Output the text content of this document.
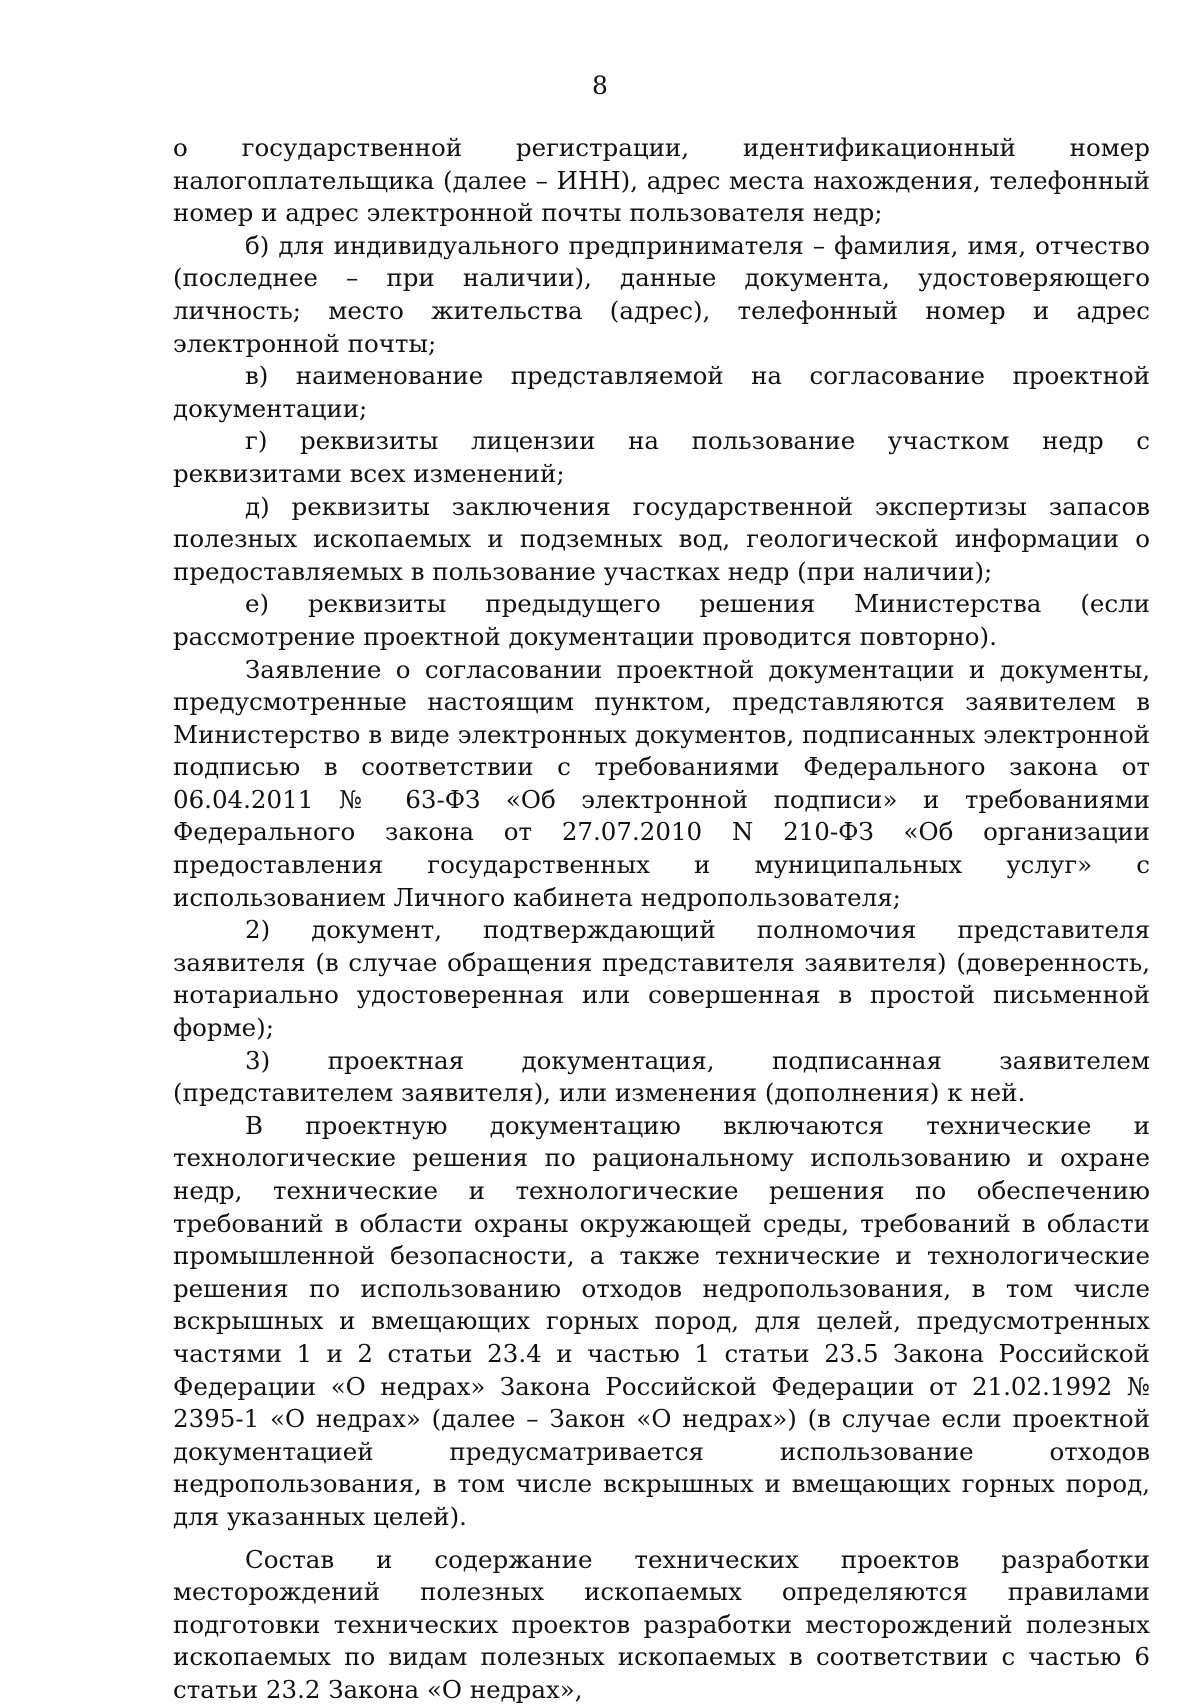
8

о государственной регистрации, идентификационный номер налогоплательщика (далее – ИНН), адрес места нахождения, телефонный номер и адрес электронной почты пользователя недр;

б) для индивидуального предпринимателя – фамилия, имя, отчество (последнее – при наличии), данные документа, удостоверяющего личность; место жительства (адрес), телефонный номер и адрес электронной почты;

в) наименование представляемой на согласование проектной документации;

г) реквизиты лицензии на пользование участком недр с реквизитами всех изменений;

д) реквизиты заключения государственной экспертизы запасов полезных ископаемых и подземных вод, геологической информации о предоставляемых в пользование участках недр (при наличии);

е) реквизиты предыдущего решения Министерства (если рассмотрение проектной документации проводится повторно).

Заявление о согласовании проектной документации и документы, предусмотренные настоящим пунктом, представляются заявителем в Министерство в виде электронных документов, подписанных электронной подписью в соответствии с требованиями Федерального закона от 06.04.2011 № 63-ФЗ «Об электронной подписи» и требованиями Федерального закона от 27.07.2010 N 210-ФЗ «Об организации предоставления государственных и муниципальных услуг» с использованием Личного кабинета недропользователя;

2) документ, подтверждающий полномочия представителя заявителя (в случае обращения представителя заявителя) (доверенность, нотариально удостоверенная или совершенная в простой письменной форме);

3) проектная документация, подписанная заявителем (представителем заявителя), или изменения (дополнения) к ней.

В проектную документацию включаются технические и технологические решения по рациональному использованию и охране недр, технические и технологические решения по обеспечению требований в области охраны окружающей среды, требований в области промышленной безопасности, а также технические и технологические решения по использованию отходов недропользования, в том числе вскрышных и вмещающих горных пород, для целей, предусмотренных частями 1 и 2 статьи 23.4 и частью 1 статьи 23.5 Закона Российской Федерации «О недрах» Закона Российской Федерации от 21.02.1992 № 2395-1 «О недрах» (далее – Закон «О недрах») (в случае если проектной документацией предусматривается использование отходов недропользования, в том числе вскрышных и вмещающих горных пород, для указанных целей).

Состав и содержание технических проектов разработки месторождений полезных ископаемых определяются правилами подготовки технических проектов разработки месторождений полезных ископаемых по видам полезных ископаемых в соответствии с частью 6 статьи 23.2 Закона «О недрах»,
